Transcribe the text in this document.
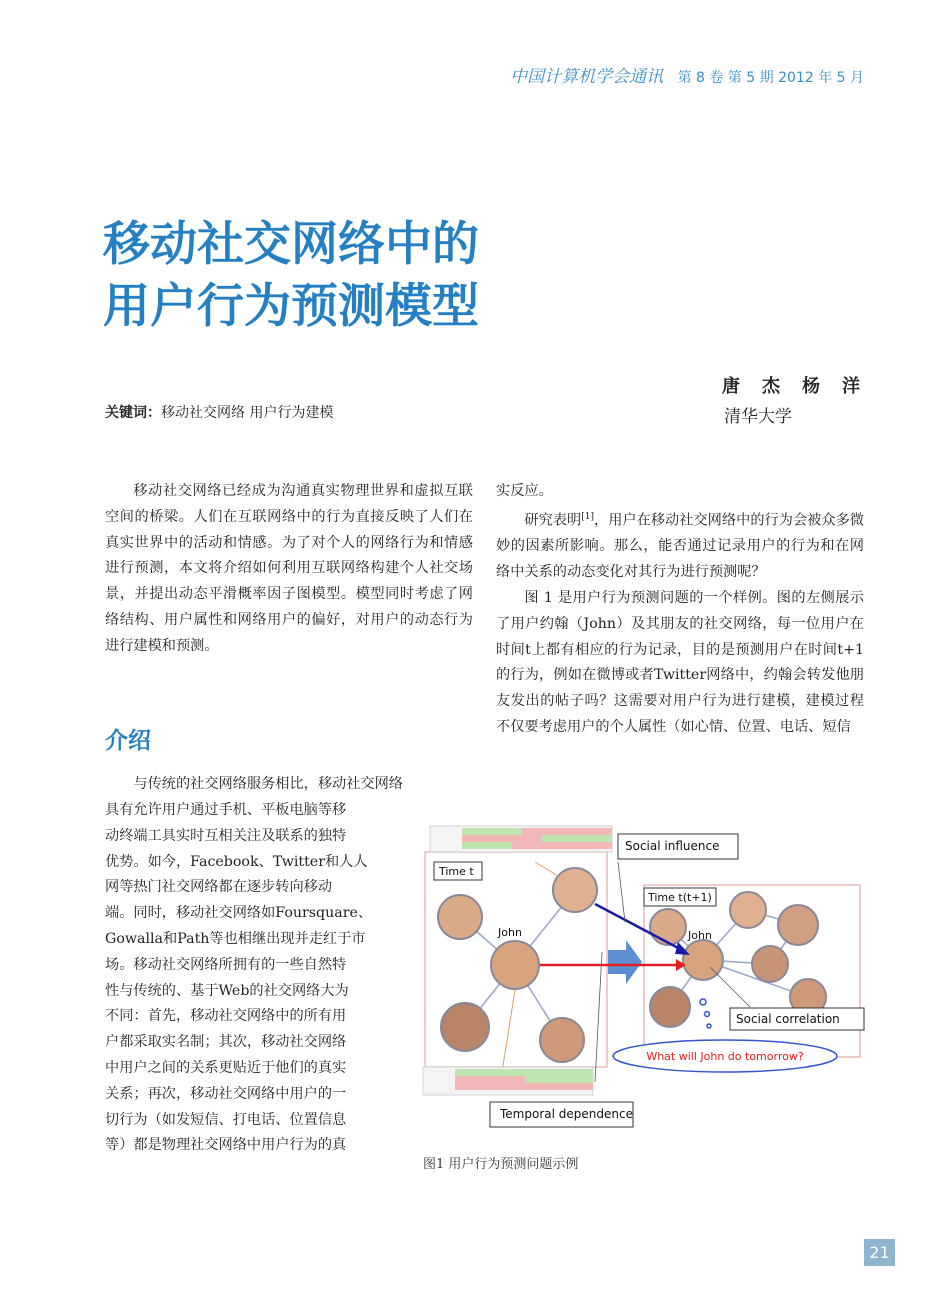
中国计算机学会通讯 第 8 卷 第 5 期 2012 年 5 月
移动社交网络中的
用户行为预测模型
唐杰杨洋
清华大学
关键词：移动社交网络 用户行为建模

移动社交网络已经成为沟通真实物理世界和虚拟互联空间的桥梁。人们在互联网络中的行为直接反映了人们在真实世界中的活动和情感。为了对个人的网络行为和情感进行预测，本文将介绍如何利用互联网络构建个人社交场景，并提出动态平滑概率因子图模型。模型同时考虑了网络结构、用户属性和网络用户的偏好，对用户的动态行为进行建模和预测。

介绍

与传统的社交网络服务相比，移动社交网络

具有允许用户通过手机、平板电脑等移
动终端工具实时互相关注及联系的独特
优势。如今，Facebook、Twitter和人人
网等热门社交网络都在逐步转向移动
端。同时，移动社交网络如Foursquare、
Gowalla和Path等也相继出现并走红于市
场。移动社交网络所拥有的一些自然特
性与传统的、基于Web的社交网络大为
不同：首先，移动社交网络中的所有用
户都采取实名制；其次，移动社交网络
中用户之间的关系更贴近于他们的真实
关系；再次，移动社交网络中用户的一
切行为（如发短信、打电话、位置信息
等）都是物理社交网络中用户行为的真

实反应。

研究表明[1]，用户在移动社交网络中的行为会被众多微妙的因素所影响。那么，能否通过记录用户的行为和在网络中关系的动态变化对其行为进行预测呢？

图 1 是用户行为预测问题的一个样例。图的左侧展示了用户约翰（John）及其朋友的社交网络，每一位用户在时间t上都有相应的行为记录，目的是预测用户在时间t+1的行为，例如在微博或者Twitter网络中，约翰会转发他朋友发出的帖子吗？这需要对用户行为进行建模，建模过程不仅要考虑用户的个人属性（如心情、位置、电话、短信

What will John do tomorrow?
Social influence
Time t
Time t(t+1)
John	John
Social correlation
Temporal dependence
图1 用户行为预测问题示例
21
